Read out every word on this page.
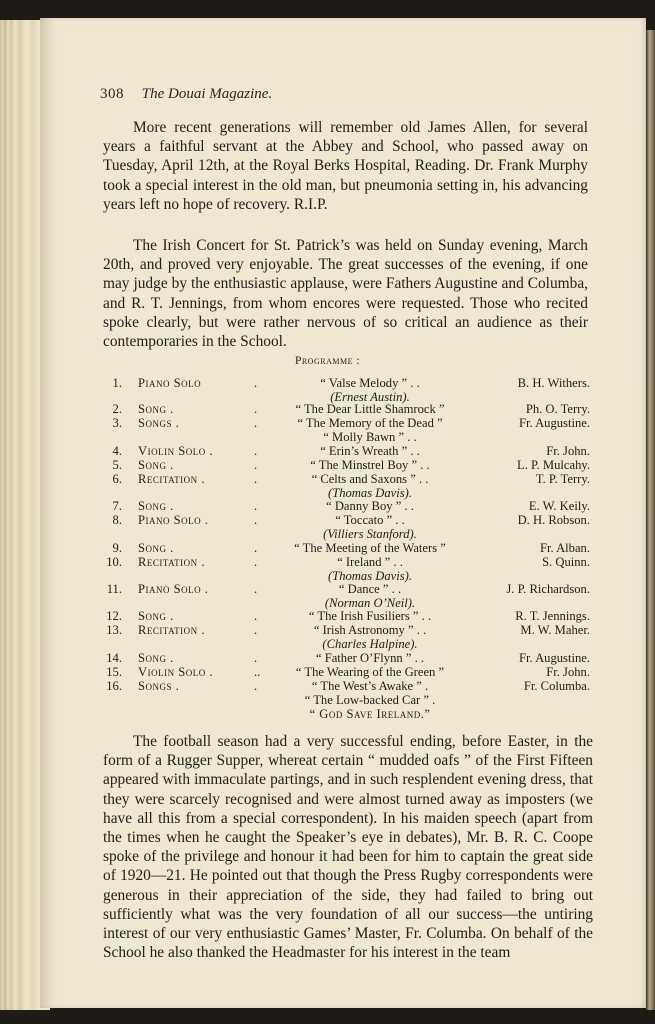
308 The Douai Magazine.

More recent generations will remember old James Allen, for several years a faithful servant at the Abbey and School, who passed away on Tuesday, April 12th, at the Royal Berks Hospital, Reading. Dr. Frank Murphy took a special interest in the old man, but pneumonia setting in, his advancing years left no hope of recovery. R.I.P.

The Irish Concert for St. Patrick’s was held on Sunday evening, March 20th, and proved very enjoyable. The great successes of the evening, if one may judge by the enthusiastic applause, were Fathers Augustine and Columba, and R. T. Jennings, from whom encores were requested. Those who recited spoke clearly, but were rather nervous of so critical an audience as their contemporaries in the School.

Programme :
1. Piano Solo	.	“ Valse Melody ” . .	B. H. Withers.
(Ernest Austin).
2. Song .	.	“ The Dear Little Shamrock ”	Ph. O. Terry.
3. Songs .	.	“ The Memory of the Dead ”	Fr. Augustine.
“ Molly Bawn ” . .
4. Violin Solo .	.	“ Erin’s Wreath ” . .	Fr. John.
5. Song .	.	“ The Minstrel Boy ” . .	L. P. Mulcahy.
6. Recitation .	.	“ Celts and Saxons ” . .	T. P. Terry.
(Thomas Davis).
7. Song .	.	“ Danny Boy ” . .	E. W. Keily.
8. Piano Solo .	.	“ Toccato ” . .	D. H. Robson.
(Villiers Stanford).
9. Song .	.	“ The Meeting of the Waters ”	Fr. Alban.
10. Recitation .	.	“ Ireland ” . .	S. Quinn.
(Thomas Davis).
11. Piano Solo .	.	“ Dance ” . .	J. P. Richardson.
(Norman O’Neil).
12. Song .	.	“ The Irish Fusiliers ” . .	R. T. Jennings.
13. Recitation .	.	“ Irish Astronomy ” . .	M. W. Maher.
(Charles Halpine).
14. Song .	.	“ Father O’Flynn ” . .	Fr. Augustine.
15. Violin Solo .	..	“ The Wearing of the Green ”	Fr. John.
16. Songs .	.	“ The West’s Awake ” .	Fr. Columba.
“ The Low-backed Car ” .
“ God Save Ireland.”

The football season had a very successful ending, before Easter, in the form of a Rugger Supper, whereat certain “ mudded oafs ” of the First Fifteen appeared with immaculate partings, and in such resplendent evening dress, that they were scarcely recognised and were almost turned away as imposters (we have all this from a special correspondent). In his maiden speech (apart from the times when he caught the Speaker’s eye in debates), Mr. B. R. C. Coope spoke of the privilege and honour it had been for him to captain the great side of 1920—21. He pointed out that though the Press Rugby correspondents were generous in their appreciation of the side, they had failed to bring out sufficiently what was the very foundation of all our success—the untiring interest of our very enthusiastic Games’ Master, Fr. Columba. On behalf of the School he also thanked the Headmaster for his interest in the team
